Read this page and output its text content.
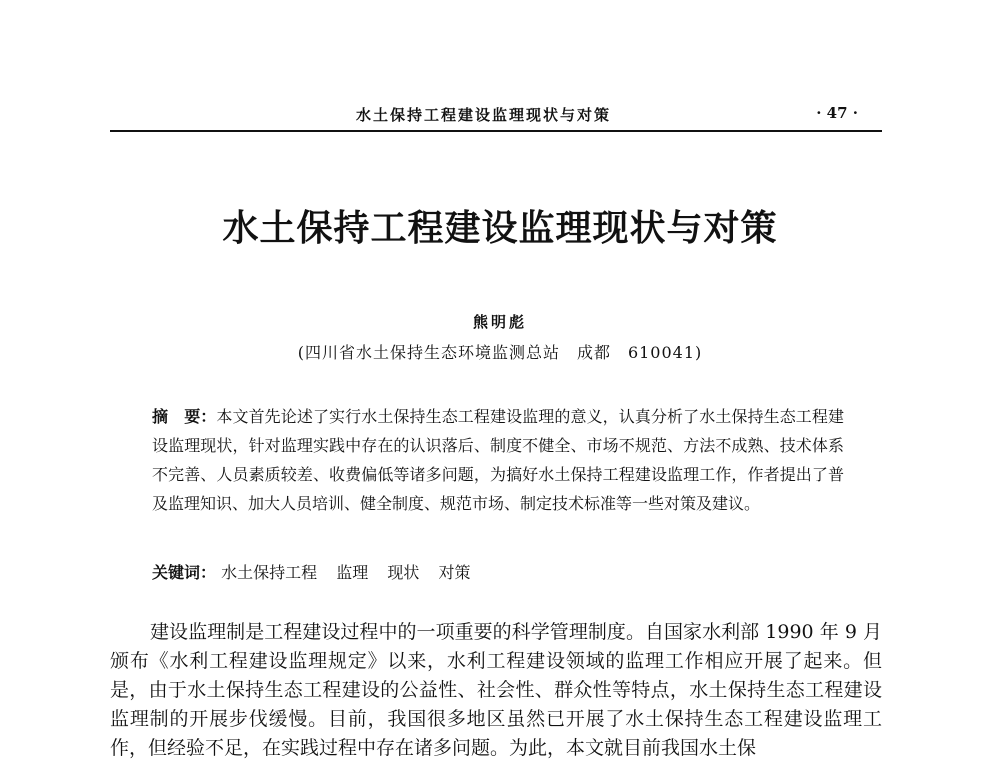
水土保持工程建设监理现状与对策	· 47 ·
水土保持工程建设监理现状与对策
熊明彪
(四川省水土保持生态环境监测总站　成都　610041)
摘　要：本文首先论述了实行水土保持生态工程建设监理的意义，认真分析了水土保持生态工程建设监理现状，针对监理实践中存在的认识落后、制度不健全、市场不规范、方法不成熟、技术体系不完善、人员素质较差、收费偏低等诸多问题，为搞好水土保持工程建设监理工作，作者提出了普及监理知识、加大人员培训、健全制度、规范市场、制定技术标准等一些对策及建议。
关键词： 水土保持工程 监理 现状 对策
建设监理制是工程建设过程中的一项重要的科学管理制度。自国家水利部 1990 年 9 月颁布《水利工程建设监理规定》以来，水利工程建设领域的监理工作相应开展了起来。但是，由于水土保持生态工程建设的公益性、社会性、群众性等特点，水土保持生态工程建设监理制的开展步伐缓慢。目前，我国很多地区虽然已开展了水土保持生态工程建设监理工作，但经验不足，在实践过程中存在诸多问题。为此，本文就目前我国水土保
